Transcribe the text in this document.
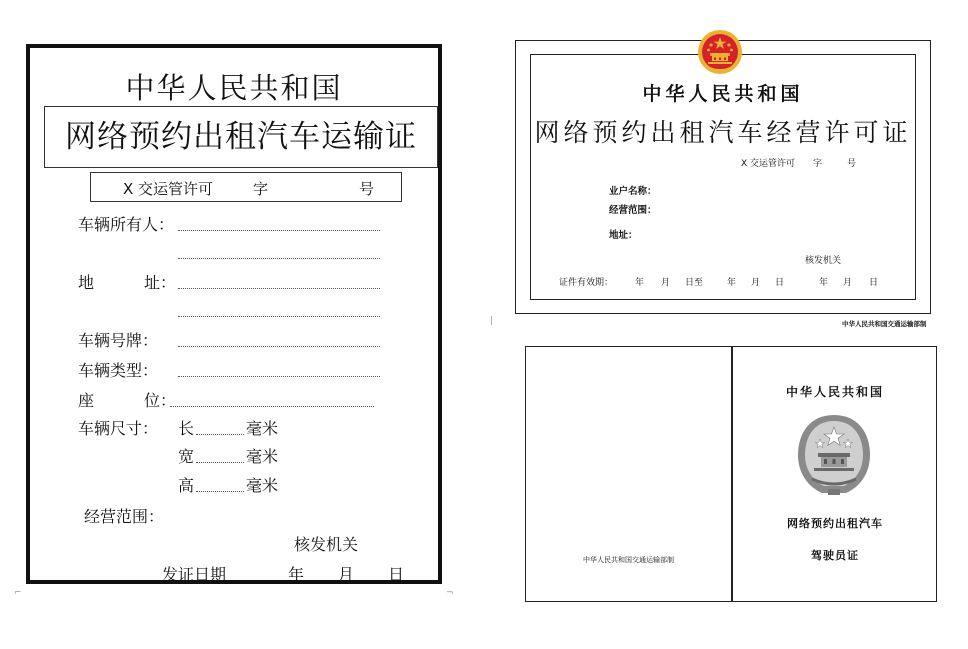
中华人民共和国
网络预约出租汽车运输证
X 交运管许可	字	号
车辆所有人：
地	址：
车辆号牌：
车辆类型：
座	位：
车辆尺寸： 长	毫米
宽	毫米
高	毫米
经营范围：
核发机关
发证日期	年 月 日
中华人民共和国
网络预约出租汽车经营许可证
X 交运管许可 字	号
业户名称：
经营范围：
地址：
核发机关
证件有效期： 年 月 日至	年 月 日	年 月 日
中华人民共和国交通运输部制
中华人民共和国交通运输部制
中华人民共和国
网络预约出租汽车
驾驶员证
⌐	¬
|
